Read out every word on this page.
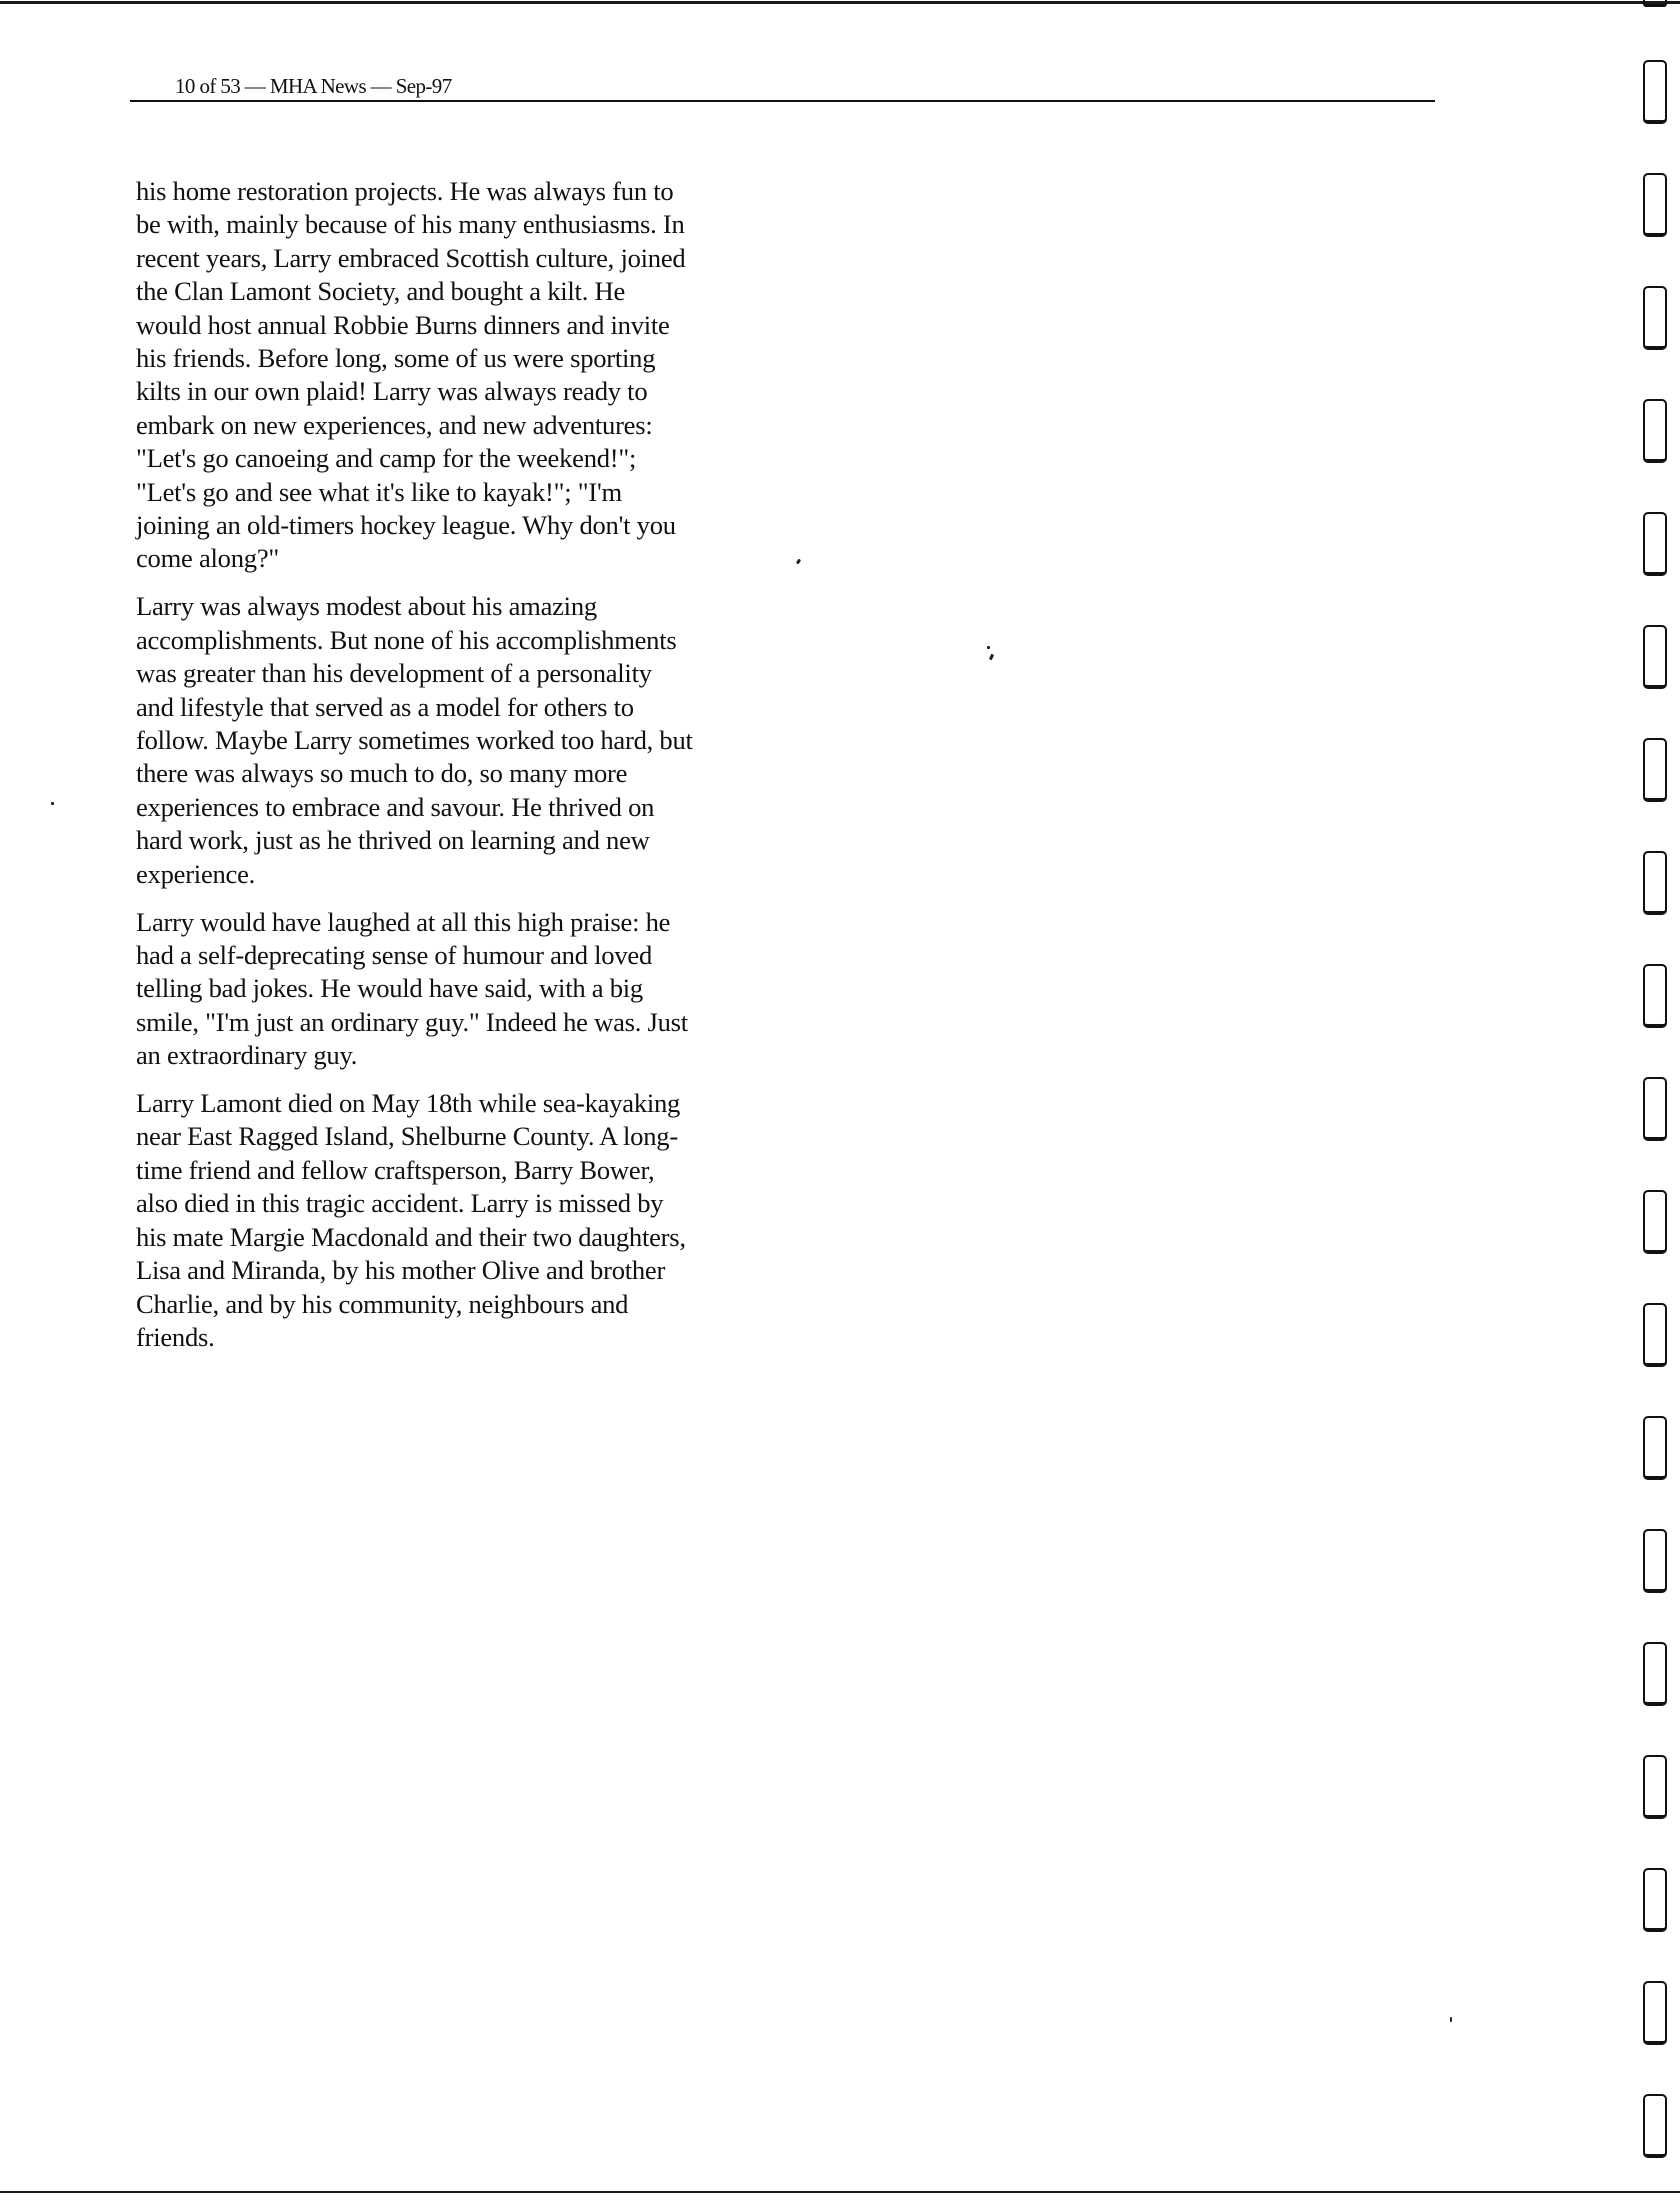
10 of 53 — MHA News — Sep-97

his home restoration projects. He was always fun to
be with, mainly because of his many enthusiasms. In
recent years, Larry embraced Scottish culture, joined
the Clan Lamont Society, and bought a kilt. He
would host annual Robbie Burns dinners and invite
his friends. Before long, some of us were sporting
kilts in our own plaid! Larry was always ready to
embark on new experiences, and new adventures:
"Let's go canoeing and camp for the weekend!";
"Let's go and see what it's like to kayak!"; "I'm
joining an old-timers hockey league. Why don't you
come along?"

Larry was always modest about his amazing
accomplishments. But none of his accomplishments
was greater than his development of a personality
and lifestyle that served as a model for others to
follow. Maybe Larry sometimes worked too hard, but
there was always so much to do, so many more
experiences to embrace and savour. He thrived on
hard work, just as he thrived on learning and new
experience.

Larry would have laughed at all this high praise: he
had a self-deprecating sense of humour and loved
telling bad jokes. He would have said, with a big
smile, "I'm just an ordinary guy." Indeed he was. Just
an extraordinary guy.

Larry Lamont died on May 18th while sea-kayaking
near East Ragged Island, Shelburne County. A long-
time friend and fellow craftsperson, Barry Bower,
also died in this tragic accident. Larry is missed by
his mate Margie Macdonald and their two daughters,
Lisa and Miranda, by his mother Olive and brother
Charlie, and by his community, neighbours and
friends.
